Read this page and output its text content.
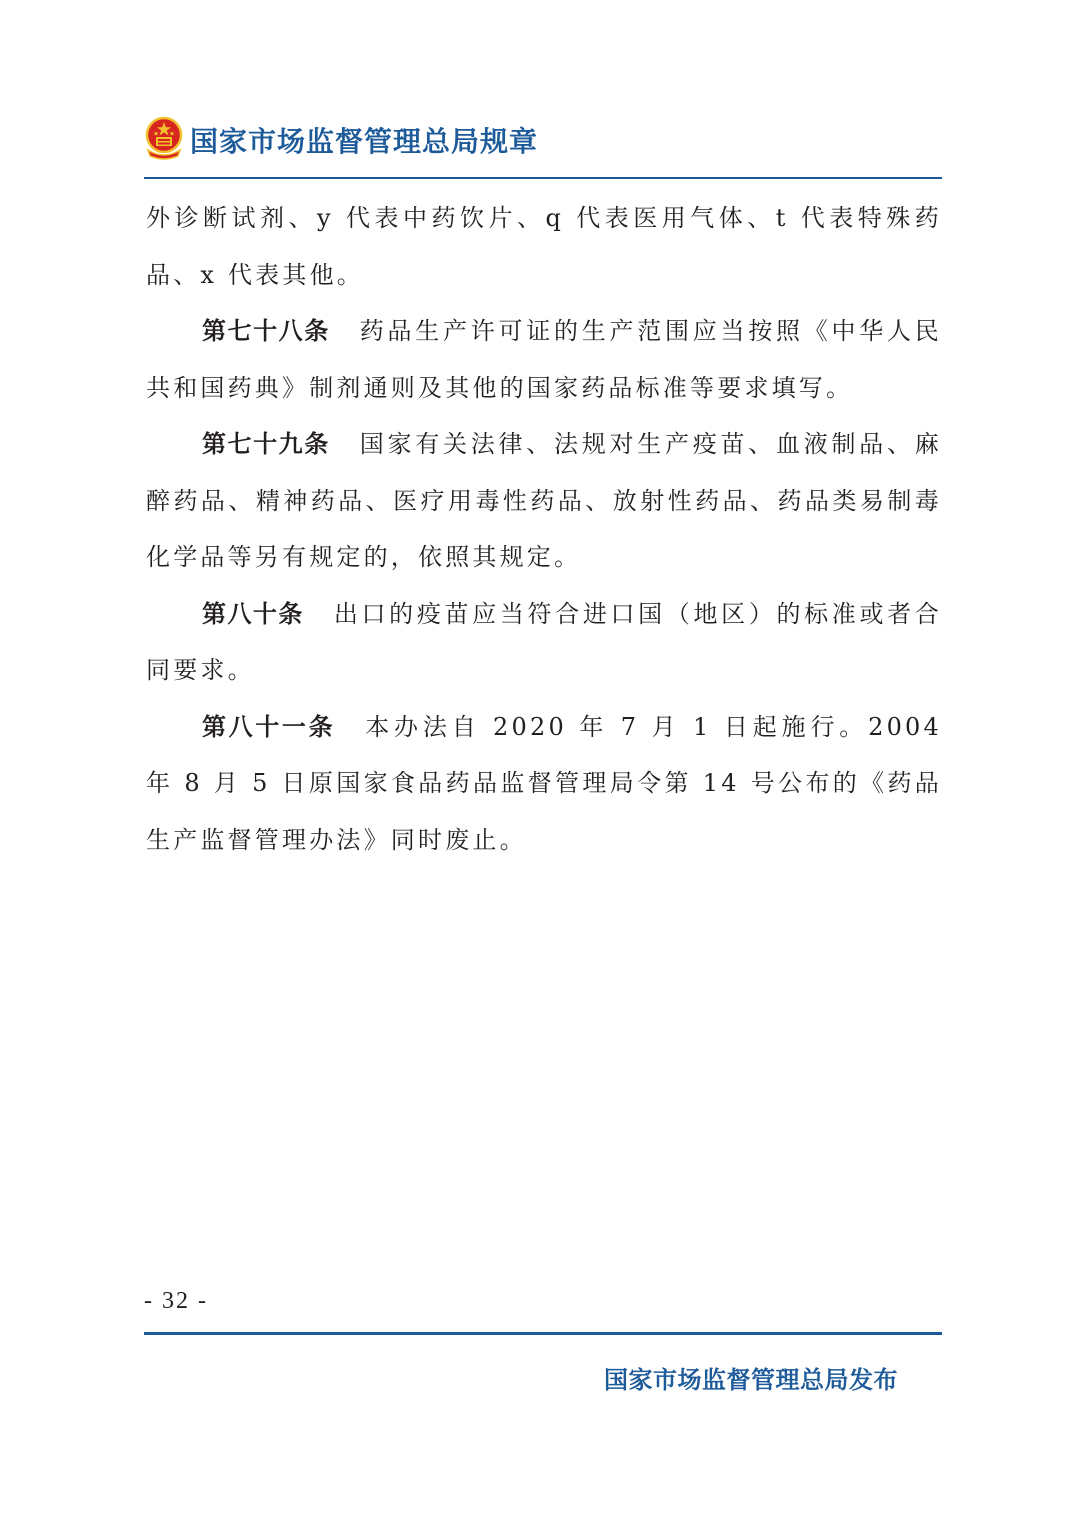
国家市场监督管理总局规章

外诊断试剂、y 代表中药饮片、q 代表医用气体、t 代表特殊药品、x 代表其他。

第七十八条 药品生产许可证的生产范围应当按照《中华人民共和国药典》制剂通则及其他的国家药品标准等要求填写。

第七十九条 国家有关法律、法规对生产疫苗、血液制品、麻醉药品、精神药品、医疗用毒性药品、放射性药品、药品类易制毒化学品等另有规定的，依照其规定。

第八十条 出口的疫苗应当符合进口国（地区）的标准或者合同要求。

第八十一条 本办法自 2020 年 7 月 1 日起施行。2004 年 8 月 5 日原国家食品药品监督管理局令第 14 号公布的《药品生产监督管理办法》同时废止。

- 32 -
国家市场监督管理总局发布
